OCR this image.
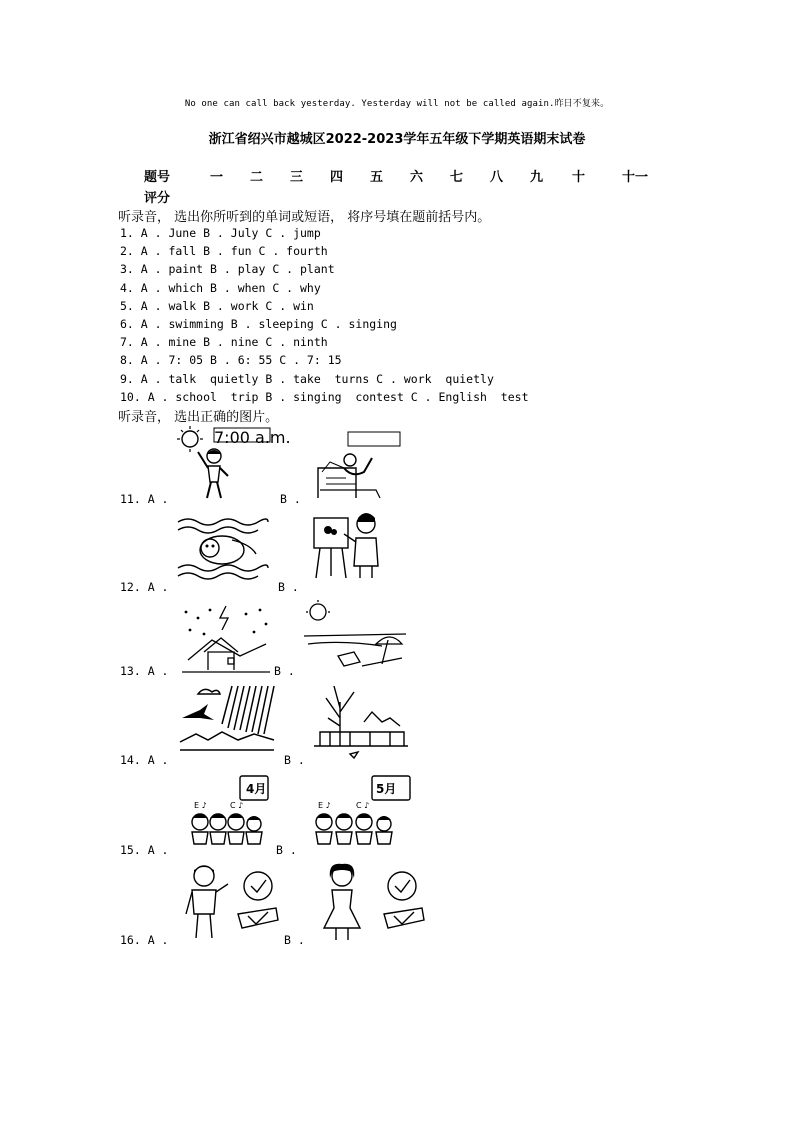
No one can call back yesterday. Yesterday will not be called again.昨日不复来。
浙江省绍兴市越城区2022-2023学年五年级下学期英语期末试卷
题号	一 二 三 四 五 六 七 八 九 十	十一
评分
听录音， 选出你所听到的单词或短语， 将序号填在题前括号内。
1. A . June B . July C . jump
2. A . fall B . fun C . fourth
3. A . paint B . play C . plant
4. A . which B . when C . why
5. A . walk B . work C . win
6. A . swimming B . sleeping C . singing
7. A . mine B . nine C . ninth
8. A . 7: 05 B . 6: 55 C . 7: 15
9. A . talk  quietly B . take  turns C . work  quietly
10. A . school  trip B . singing  contest C . English  test
听录音， 选出正确的图片。
11. A .	B .
7:00 a.m.
12. A .	B .
13. A .	B .
14. A .	B .
15. A .	B .
E ♪	C ♪
4月
E ♪	C ♪
5月
16. A .	B .
